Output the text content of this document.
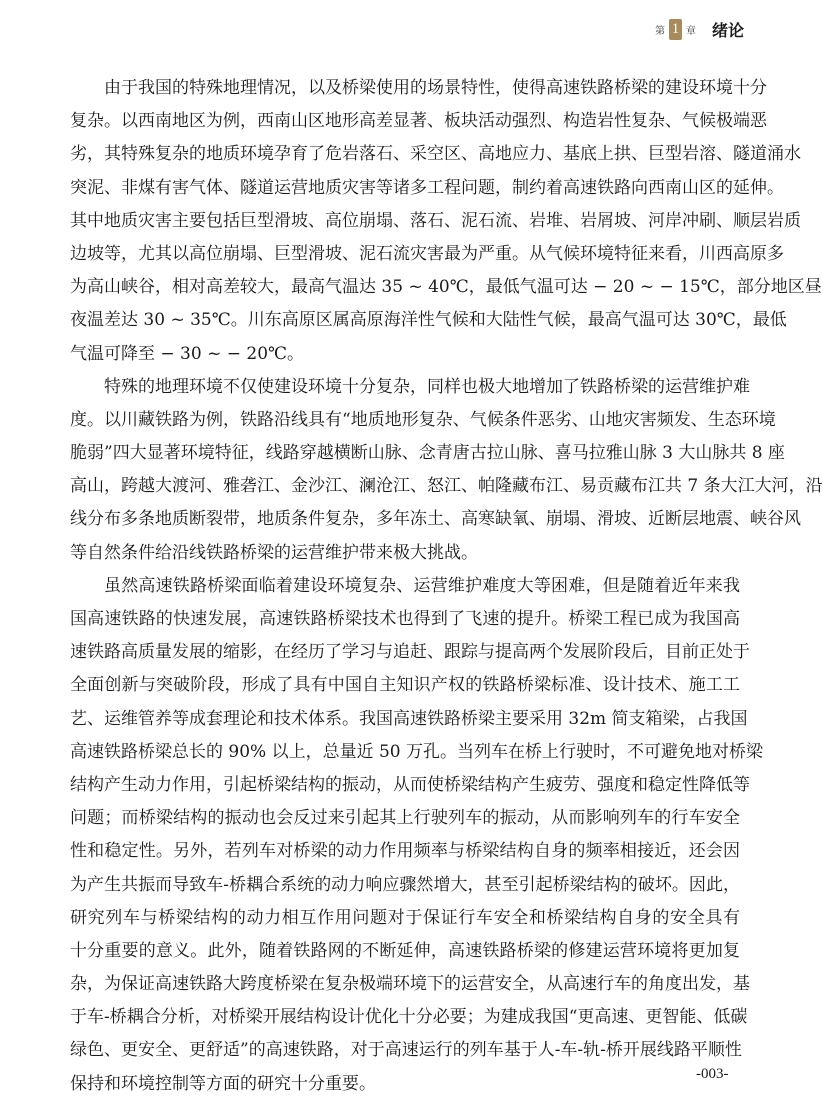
第 1 章 绪论
由于我国的特殊地理情况，以及桥梁使用的场景特性，使得高速铁路桥梁的建设环境十分
复杂。以西南地区为例，西南山区地形高差显著、板块活动强烈、构造岩性复杂、气候极端恶
劣，其特殊复杂的地质环境孕育了危岩落石、采空区、高地应力、基底上拱、巨型岩溶、隧道涌水
突泥、非煤有害气体、隧道运营地质灾害等诸多工程问题，制约着高速铁路向西南山区的延伸。
其中地质灾害主要包括巨型滑坡、高位崩塌、落石、泥石流、岩堆、岩屑坡、河岸冲刷、顺层岩质
边坡等，尤其以高位崩塌、巨型滑坡、泥石流灾害最为严重。从气候环境特征来看，川西高原多
为高山峡谷，相对高差较大，最高气温达 35 ~ 40℃，最低气温可达 − 20 ~ − 15℃，部分地区昼
夜温差达 30 ~ 35℃。川东高原区属高原海洋性气候和大陆性气候，最高气温可达 30℃，最低
气温可降至 − 30 ~ − 20℃。
特殊的地理环境不仅使建设环境十分复杂，同样也极大地增加了铁路桥梁的运营维护难
度。以川藏铁路为例，铁路沿线具有“地质地形复杂、气候条件恶劣、山地灾害频发、生态环境
脆弱”四大显著环境特征，线路穿越横断山脉、念青唐古拉山脉、喜马拉雅山脉 3 大山脉共 8 座
高山，跨越大渡河、雅砻江、金沙江、澜沧江、怒江、帕隆藏布江、易贡藏布江共 7 条大江大河，沿
线分布多条地质断裂带，地质条件复杂，多年冻土、高寒缺氧、崩塌、滑坡、近断层地震、峡谷风
等自然条件给沿线铁路桥梁的运营维护带来极大挑战。
虽然高速铁路桥梁面临着建设环境复杂、运营维护难度大等困难，但是随着近年来我
国高速铁路的快速发展，高速铁路桥梁技术也得到了飞速的提升。桥梁工程已成为我国高
速铁路高质量发展的缩影，在经历了学习与追赶、跟踪与提高两个发展阶段后，目前正处于
全面创新与突破阶段，形成了具有中国自主知识产权的铁路桥梁标准、设计技术、施工工
艺、运维管养等成套理论和技术体系。我国高速铁路桥梁主要采用 32m 简支箱梁，占我国
高速铁路桥梁总长的 90% 以上，总量近 50 万孔。当列车在桥上行驶时，不可避免地对桥梁
结构产生动力作用，引起桥梁结构的振动，从而使桥梁结构产生疲劳、强度和稳定性降低等
问题；而桥梁结构的振动也会反过来引起其上行驶列车的振动，从而影响列车的行车安全
性和稳定性。另外，若列车对桥梁的动力作用频率与桥梁结构自身的频率相接近，还会因
为产生共振而导致车-桥耦合系统的动力响应骤然增大，甚至引起桥梁结构的破坏。因此，
研究列车与桥梁结构的动力相互作用问题对于保证行车安全和桥梁结构自身的安全具有
十分重要的意义。此外，随着铁路网的不断延伸，高速铁路桥梁的修建运营环境将更加复
杂，为保证高速铁路大跨度桥梁在复杂极端环境下的运营安全，从高速行车的角度出发，基
于车-桥耦合分析，对桥梁开展结构设计优化十分必要；为建成我国“更高速、更智能、低碳
绿色、更安全、更舒适”的高速铁路，对于高速运行的列车基于人-车-轨-桥开展线路平顺性
保持和环境控制等方面的研究十分重要。	-003-
